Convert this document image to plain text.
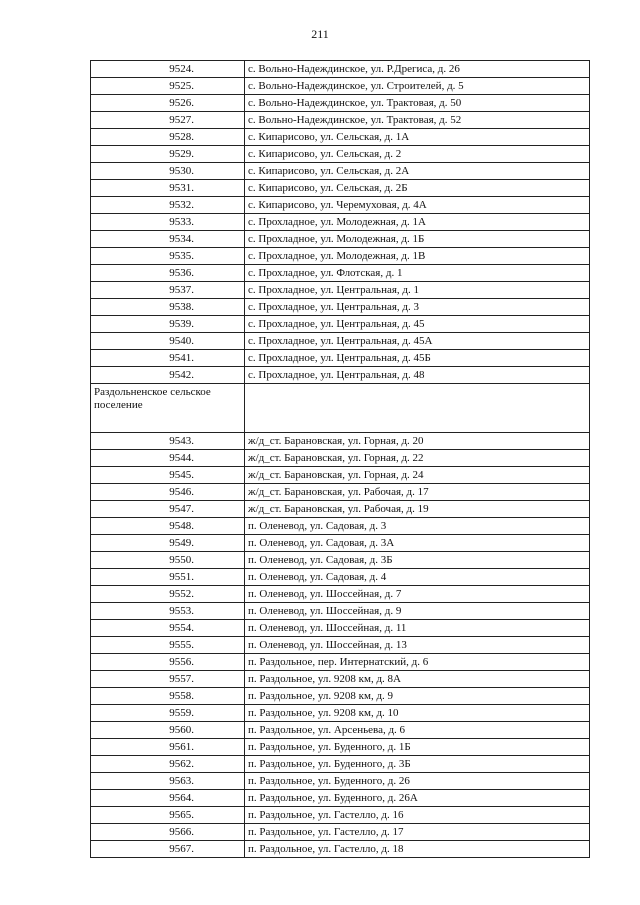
211
9524.	с. Вольно-Надеждинское, ул. Р.Дрегиса, д. 26
9525.	с. Вольно-Надеждинское, ул. Строителей, д. 5
9526.	с. Вольно-Надеждинское, ул. Трактовая, д. 50
9527.	с. Вольно-Надеждинское, ул. Трактовая, д. 52
9528.	с. Кипарисово, ул. Сельская, д. 1А
9529.	с. Кипарисово, ул. Сельская, д. 2
9530.	с. Кипарисово, ул. Сельская, д. 2А
9531.	с. Кипарисово, ул. Сельская, д. 2Б
9532.	с. Кипарисово, ул. Черемуховая, д. 4А
9533.	с. Прохладное, ул. Молодежная, д. 1А
9534.	с. Прохладное, ул. Молодежная, д. 1Б
9535.	с. Прохладное, ул. Молодежная, д. 1В
9536.	с. Прохладное, ул. Флотская, д. 1
9537.	с. Прохладное, ул. Центральная, д. 1
9538.	с. Прохладное, ул. Центральная, д. 3
9539.	с. Прохладное, ул. Центральная, д. 45
9540.	с. Прохладное, ул. Центральная, д. 45А
9541.	с. Прохладное, ул. Центральная, д. 45Б
9542.	с. Прохладное, ул. Центральная, д. 48
Раздольненское сельское поселение	
9543.	ж/д_ст. Барановская, ул. Горная, д. 20
9544.	ж/д_ст. Барановская, ул. Горная, д. 22
9545.	ж/д_ст. Барановская, ул. Горная, д. 24
9546.	ж/д_ст. Барановская, ул. Рабочая, д. 17
9547.	ж/д_ст. Барановская, ул. Рабочая, д. 19
9548.	п. Оленевод, ул. Садовая, д. 3
9549.	п. Оленевод, ул. Садовая, д. 3А
9550.	п. Оленевод, ул. Садовая, д. 3Б
9551.	п. Оленевод, ул. Садовая, д. 4
9552.	п. Оленевод, ул. Шоссейная, д. 7
9553.	п. Оленевод, ул. Шоссейная, д. 9
9554.	п. Оленевод, ул. Шоссейная, д. 11
9555.	п. Оленевод, ул. Шоссейная, д. 13
9556.	п. Раздольное, пер. Интернатский, д. 6
9557.	п. Раздольное, ул. 9208 км, д. 8А
9558.	п. Раздольное, ул. 9208 км, д. 9
9559.	п. Раздольное, ул. 9208 км, д. 10
9560.	п. Раздольное, ул. Арсеньева, д. 6
9561.	п. Раздольное, ул. Буденного, д. 1Б
9562.	п. Раздольное, ул. Буденного, д. 3Б
9563.	п. Раздольное, ул. Буденного, д. 26
9564.	п. Раздольное, ул. Буденного, д. 26А
9565.	п. Раздольное, ул. Гастелло, д. 16
9566.	п. Раздольное, ул. Гастелло, д. 17
9567.	п. Раздольное, ул. Гастелло, д. 18
